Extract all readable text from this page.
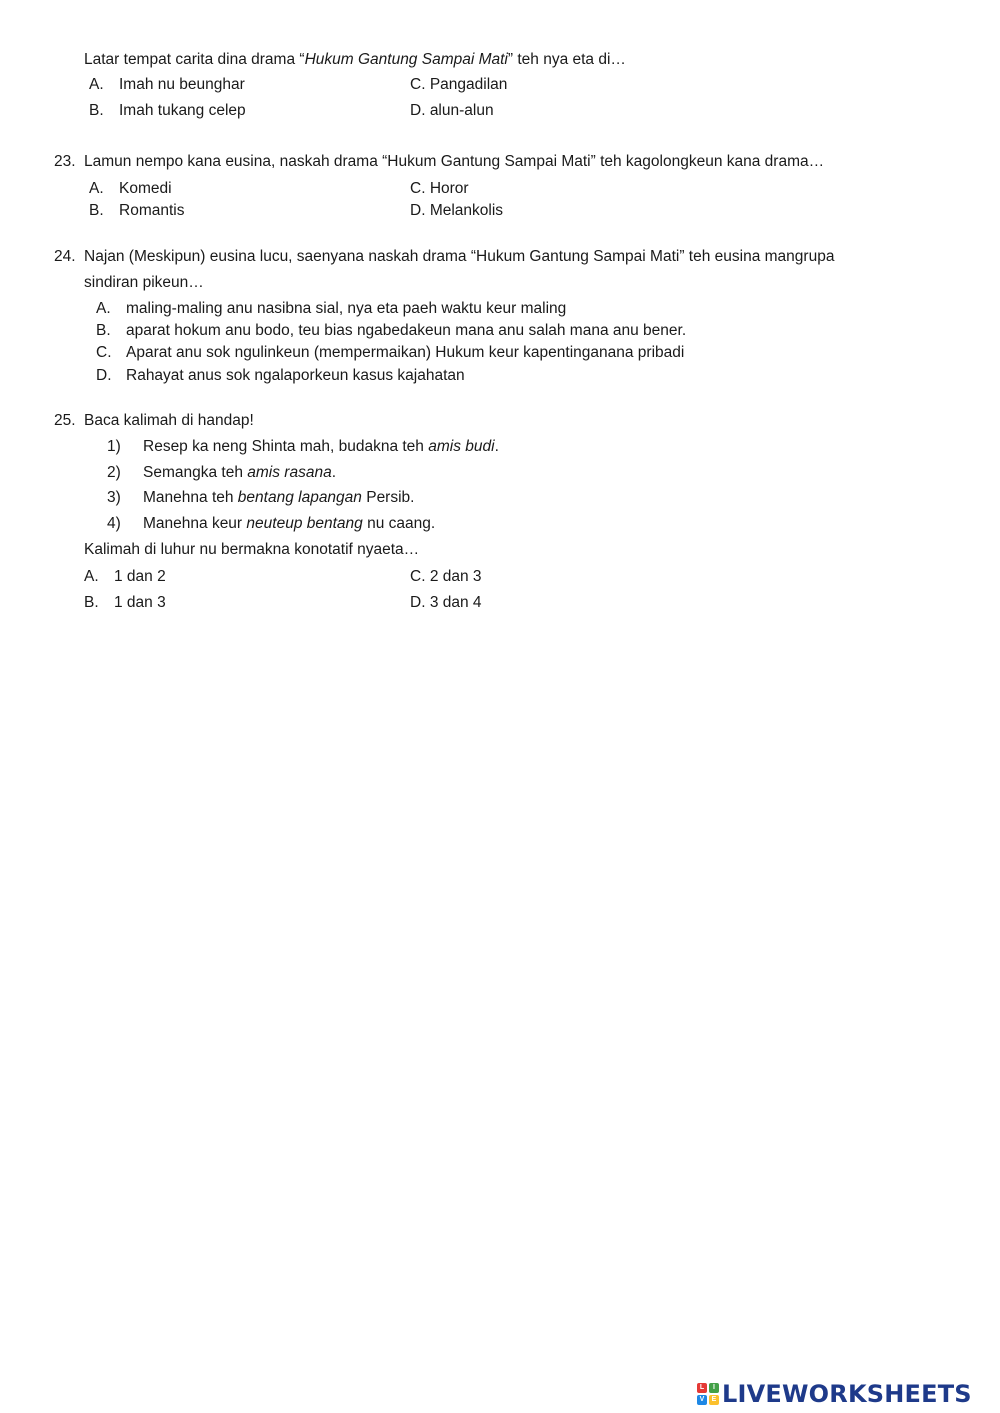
Latar tempat carita dina drama “Hukum Gantung Sampai Mati” teh nya eta di…
A. Imah nu beunghar	C. Pangadilan
B. Imah tukang celep	D. alun-alun
23. Lamun nempo kana eusina, naskah drama “Hukum Gantung Sampai Mati” teh kagolongkeun kana drama…
A. Komedi	C. Horor
B. Romantis	D. Melankolis
24. Najan (Meskipun) eusina lucu, saenyana naskah drama “Hukum Gantung Sampai Mati” teh eusina mangrupa
sindiran pikeun…
A. maling-maling anu nasibna sial, nya eta paeh waktu keur maling
B. aparat hokum anu bodo, teu bias ngabedakeun mana anu salah mana anu bener.
C. Aparat anu sok ngulinkeun (mempermaikan) Hukum keur kapentinganana pribadi
D. Rahayat anus sok ngalaporkeun kasus kajahatan
25. Baca kalimah di handap!
1) Resep ka neng Shinta mah, budakna teh amis budi.
2) Semangka teh amis rasana.
3) Manehna teh bentang lapangan Persib.
4) Manehna keur neuteup bentang nu caang.
Kalimah di luhur nu bermakna konotatif nyaeta…
A. 1 dan 2	C. 2 dan 3
B. 1 dan 3	D. 3 dan 4
L	I
V	E LIVEWORKSHEETS
